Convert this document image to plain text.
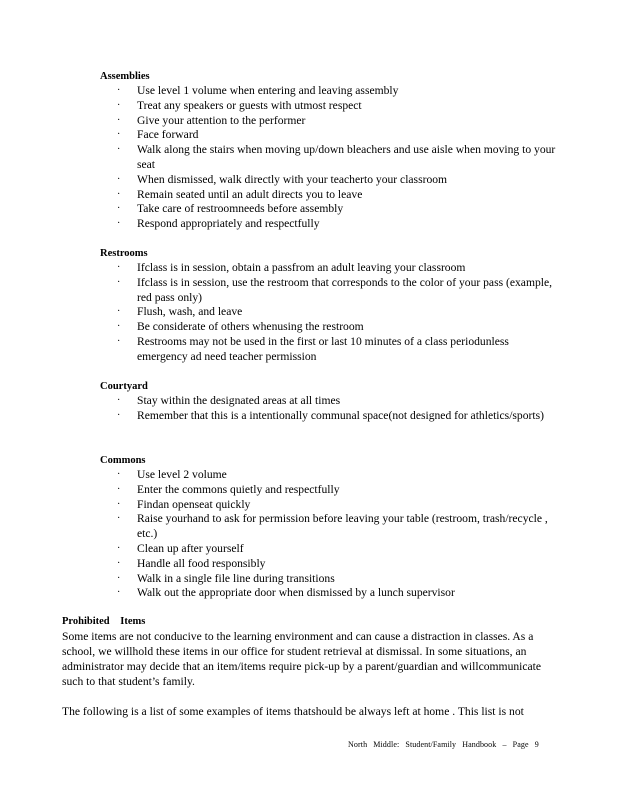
Assemblies
· Use level 1 volume when entering and leaving assembly
· Treat any speakers or guests with utmost respect
· Give your attention to the performer
· Face forward
· Walk along the stairs when moving up/down bleachers and use aisle when moving to your seat
· When dismissed, walk directly with your teacherto your classroom
· Remain seated until an adult directs you to leave
· Take care of restroomneeds before assembly
· Respond appropriately and respectfully
Restrooms
· Ifclass is in session, obtain a passfrom an adult leaving your classroom
· Ifclass is in session, use the restroom that corresponds to the color of your pass (example, red pass only)
· Flush, wash, and leave
· Be considerate of others whenusing the restroom
· Restrooms may not be used in the first or last 10 minutes of a class periodunless emergency ad need teacher permission
Courtyard
· Stay within the designated areas at all times
· Remember that this is a intentionally communal space(not designed for athletics/sports)
Commons
· Use level 2 volume
· Enter the commons quietly and respectfully
· Findan openseat quickly
· Raise yourhand to ask for permission before leaving your table (restroom, trash/recycle , etc.)
· Clean up after yourself
· Handle all food responsibly
· Walk in a single file line during transitions
· Walk out the appropriate door when dismissed by a lunch supervisor
Prohibited Items

Some items are not conducive to the learning environment and can cause a distraction in classes. As a school, we willhold these items in our office for student retrieval at dismissal. In some situations, an administrator may decide that an item/items require pick-up by a parent/guardian and willcommunicate such to that student’s family.

The following is a list of some examples of items thatshould be always left at home . This list is not

North Middle: Student/Family Handbook – Page 9
